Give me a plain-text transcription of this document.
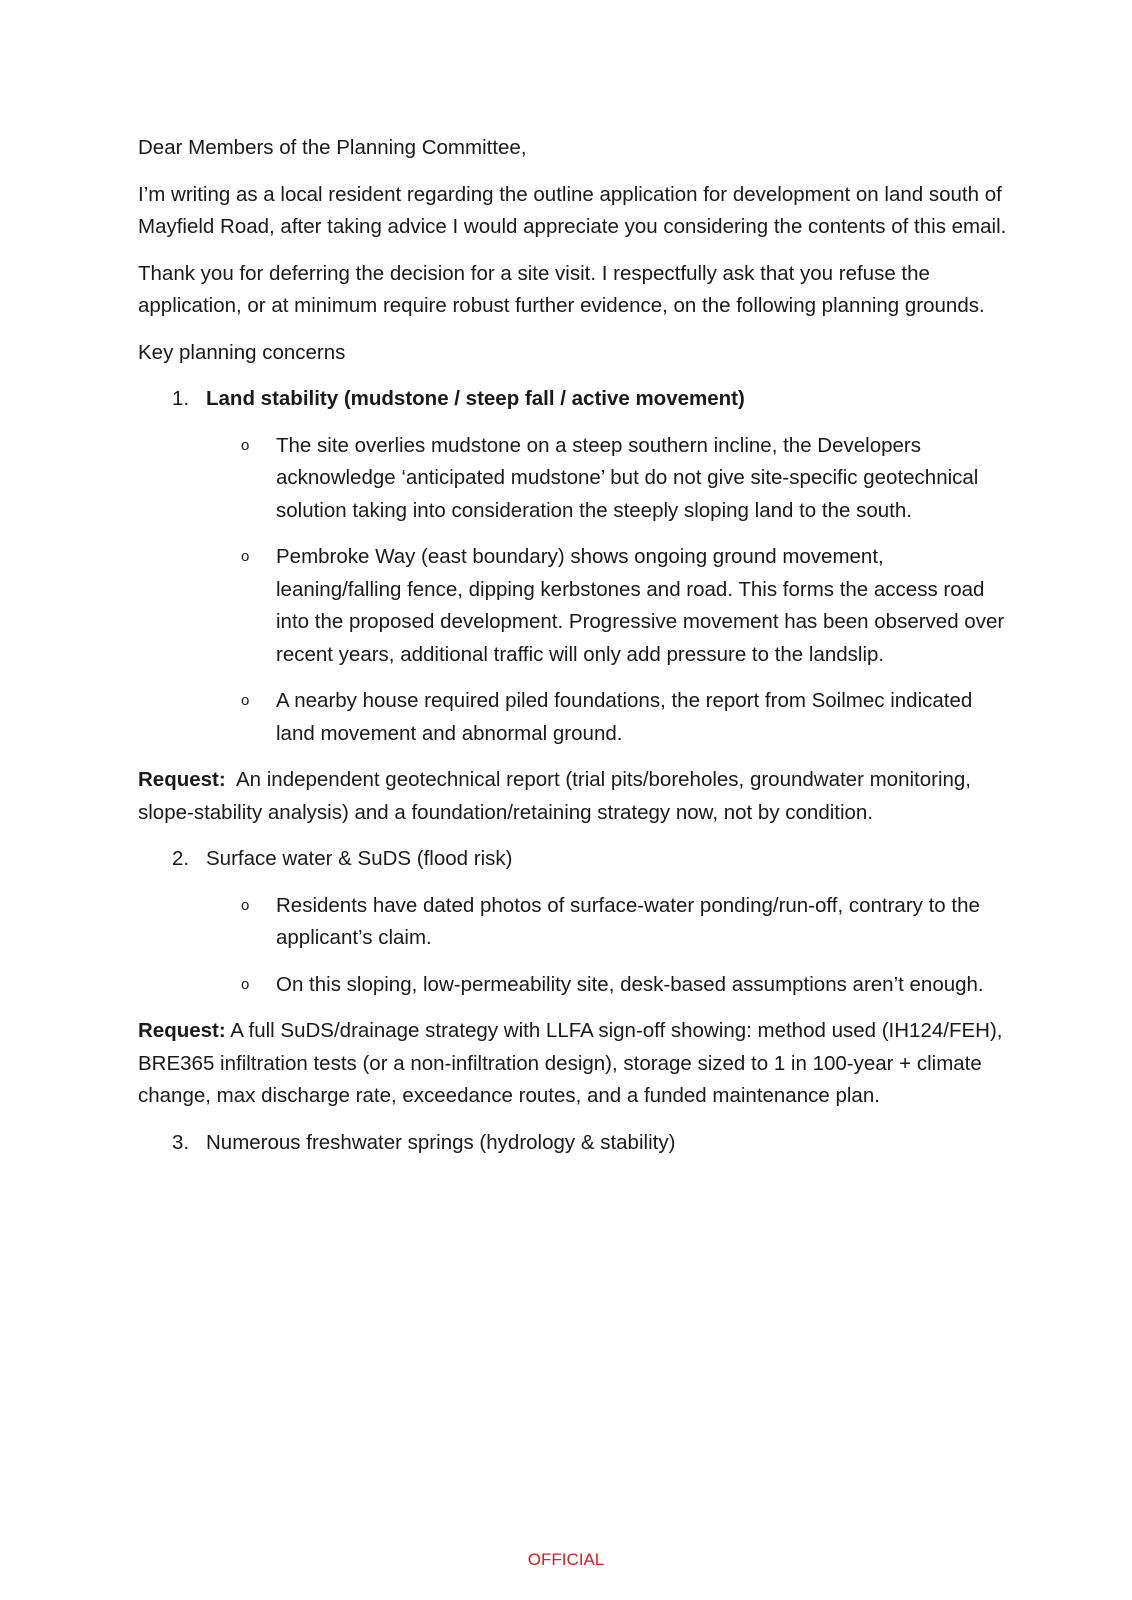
Dear Members of the Planning Committee,

I’m writing as a local resident regarding the outline application for development on land south of Mayfield Road, after taking advice I would appreciate you considering the contents of this email.

Thank you for deferring the decision for a site visit. I respectfully ask that you refuse the application, or at minimum require robust further evidence, on the following planning grounds.

Key planning concerns

1. Land stability (mudstone / steep fall / active movement)
o The site overlies mudstone on a steep southern incline, the Developers acknowledge ‘anticipated mudstone’ but do not give site-specific geotechnical solution taking into consideration the steeply sloping land to the south.
o Pembroke Way (east boundary) shows ongoing ground movement, leaning/falling fence, dipping kerbstones and road. This forms the access road into the proposed development. Progressive movement has been observed over recent years, additional traffic will only add pressure to the landslip.
o A nearby house required piled foundations, the report from Soilmec indicated land movement and abnormal ground.

Request:  An independent geotechnical report (trial pits/boreholes, groundwater monitoring, slope-stability analysis) and a foundation/retaining strategy now, not by condition.

2. Surface water & SuDS (flood risk)
o Residents have dated photos of surface-water ponding/run-off, contrary to the applicant’s claim.
o On this sloping, low-permeability site, desk-based assumptions aren’t enough.

Request: A full SuDS/drainage strategy with LLFA sign-off showing: method used (IH124/FEH), BRE365 infiltration tests (or a non-infiltration design), storage sized to 1 in 100-year + climate change, max discharge rate, exceedance routes, and a funded maintenance plan.

3. Numerous freshwater springs (hydrology & stability)
OFFICIAL
